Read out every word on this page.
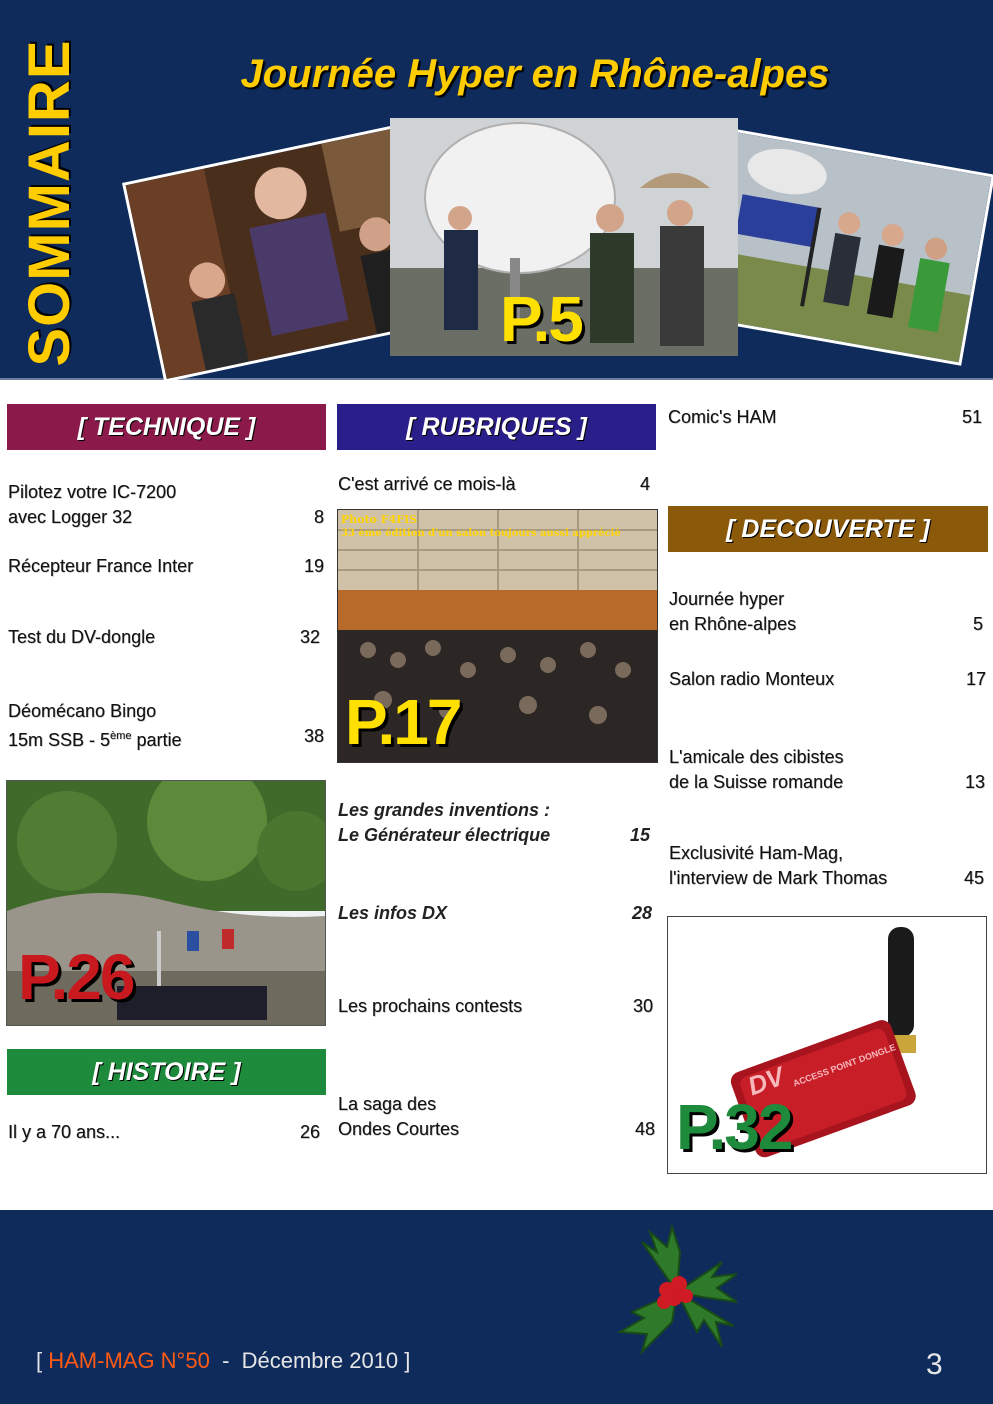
SOMMAIRE	Journée Hyper en Rhône-alpes
P.5
[ TECHNIQUE ]
Pilotez votre IC-7200
avec Logger 32	8
Récepteur France Inter	19
Test du DV-dongle	32
Déomécano Bingo
15m SSB - 5ème partie	38
P.26
[ HISTOIRE ]
Il y a 70 ans...	26
[ RUBRIQUES ]
C'est arrivé ce mois-là	4
Photo F4FIS
33 ème édition d'un salon toujours aussi apprécié
P.17
Les grandes inventions :
Le Générateur électrique	15
Les infos DX	28
Les prochains contests	30
La saga des
Ondes Courtes	48
Comic's HAM	51
[ DECOUVERTE ]
Journée hyper
en Rhône-alpes	5
Salon radio Monteux	17
L'amicale des cibistes
de la Suisse romande	13
Exclusivité Ham-Mag,
l'interview de Mark Thomas	45
DV ACCESS POINT DONGLE
P.32
[ HAM-MAG N°50  -  Décembre 2010 ]	3
